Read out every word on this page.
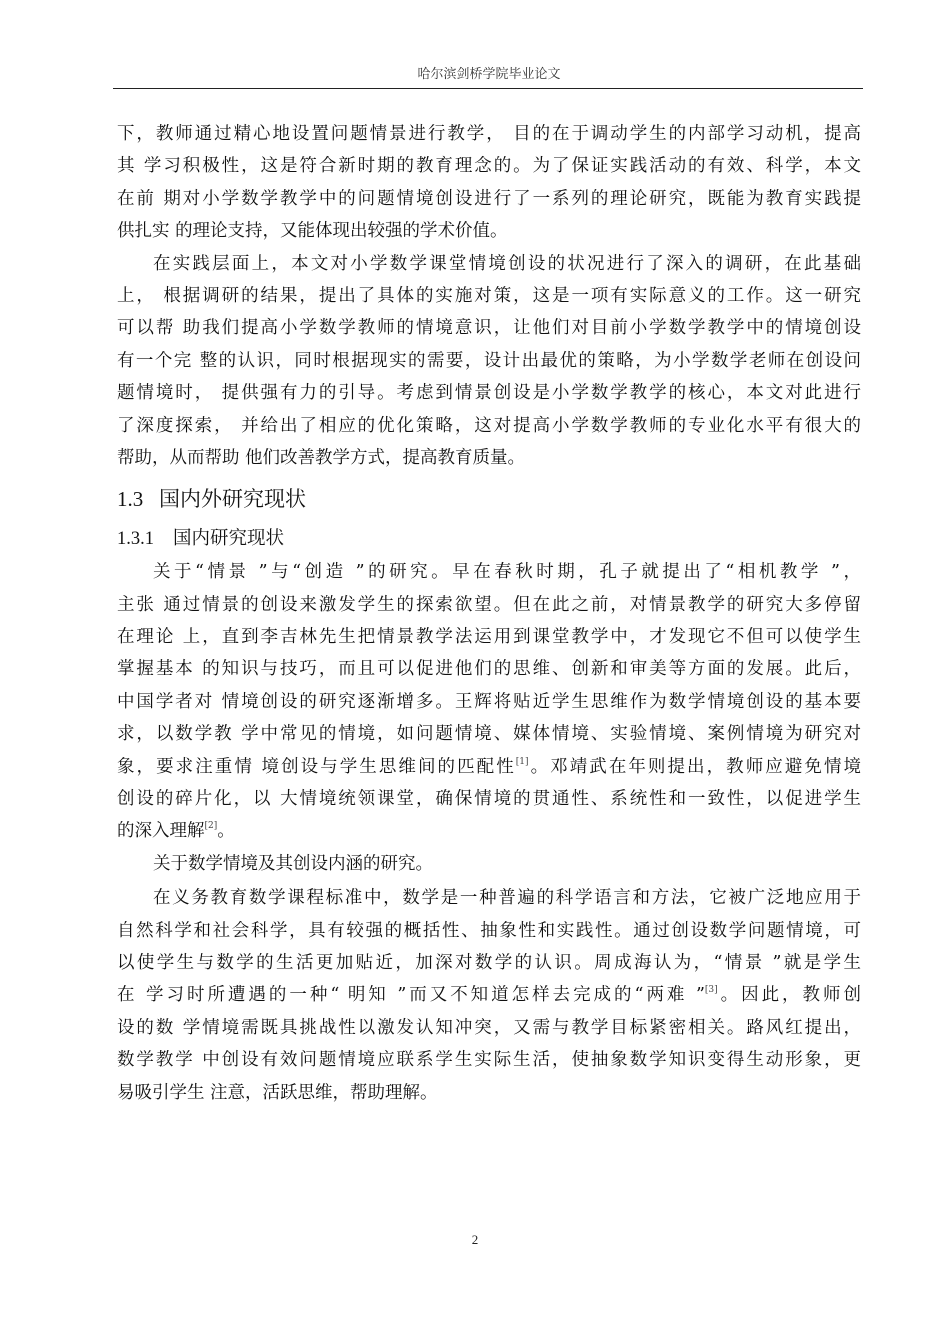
哈尔滨剑桥学院毕业论文
下，教师通过精心地设置问题情景进行教学， 目的在于调动学生的内部学习动机，提高
其 学习积极性，这是符合新时期的教育理念的。为了保证实践活动的有效、科学，本文
在前 期对小学数学教学中的问题情境创设进行了一系列的理论研究，既能为教育实践提
供扎实 的理论支持，又能体现出较强的学术价值。
在实践层面上，本文对小学数学课堂情境创设的状况进行了深入的调研，在此基础
上， 根据调研的结果，提出了具体的实施对策，这是一项有实际意义的工作。这一研究
可以帮 助我们提高小学数学教师的情境意识，让他们对目前小学数学教学中的情境创设
有一个完 整的认识，同时根据现实的需要，设计出最优的策略，为小学数学老师在创设问
题情境时， 提供强有力的引导。考虑到情景创设是小学数学教学的核心，本文对此进行
了深度探索， 并给出了相应的优化策略，这对提高小学数学教师的专业化水平有很大的
帮助，从而帮助 他们改善教学方式，提高教育质量。
1.3 国内外研究现状
1.3.1 国内研究现状
关于“情景 ”与“创造 ”的研究。早在春秋时期，孔子就提出了“相机教学 ”，
主张 通过情景的创设来激发学生的探索欲望。但在此之前，对情景教学的研究大多停留
在理论 上，直到李吉林先生把情景教学法运用到课堂教学中，才发现它不但可以使学生
掌握基本 的知识与技巧，而且可以促进他们的思维、创新和审美等方面的发展。此后，
中国学者对 情境创设的研究逐渐增多。王辉将贴近学生思维作为数学情境创设的基本要
求，以数学教 学中常见的情境，如问题情境、媒体情境、实验情境、案例情境为研究对
象，要求注重情 境创设与学生思维间的匹配性[1]。邓靖武在年则提出，教师应避免情境
创设的碎片化，以 大情境统领课堂，确保情境的贯通性、系统性和一致性，以促进学生
的深入理解[2]。
关于数学情境及其创设内涵的研究。
在义务教育数学课程标准中，数学是一种普遍的科学语言和方法，它被广泛地应用于
自然科学和社会科学，具有较强的概括性、抽象性和实践性。通过创设数学问题情境，可
以使学生与数学的生活更加贴近，加深对数学的认识。周成海认为，“情景 ”就是学生
在 学习时所遭遇的一种“ 明知 ”而又不知道怎样去完成的“两难 ”[3]。因此，教师创
设的数 学情境需既具挑战性以激发认知冲突，又需与教学目标紧密相关。路风红提出，
数学教学 中创设有效问题情境应联系学生实际生活，使抽象数学知识变得生动形象，更
易吸引学生 注意，活跃思维，帮助理解。
2
